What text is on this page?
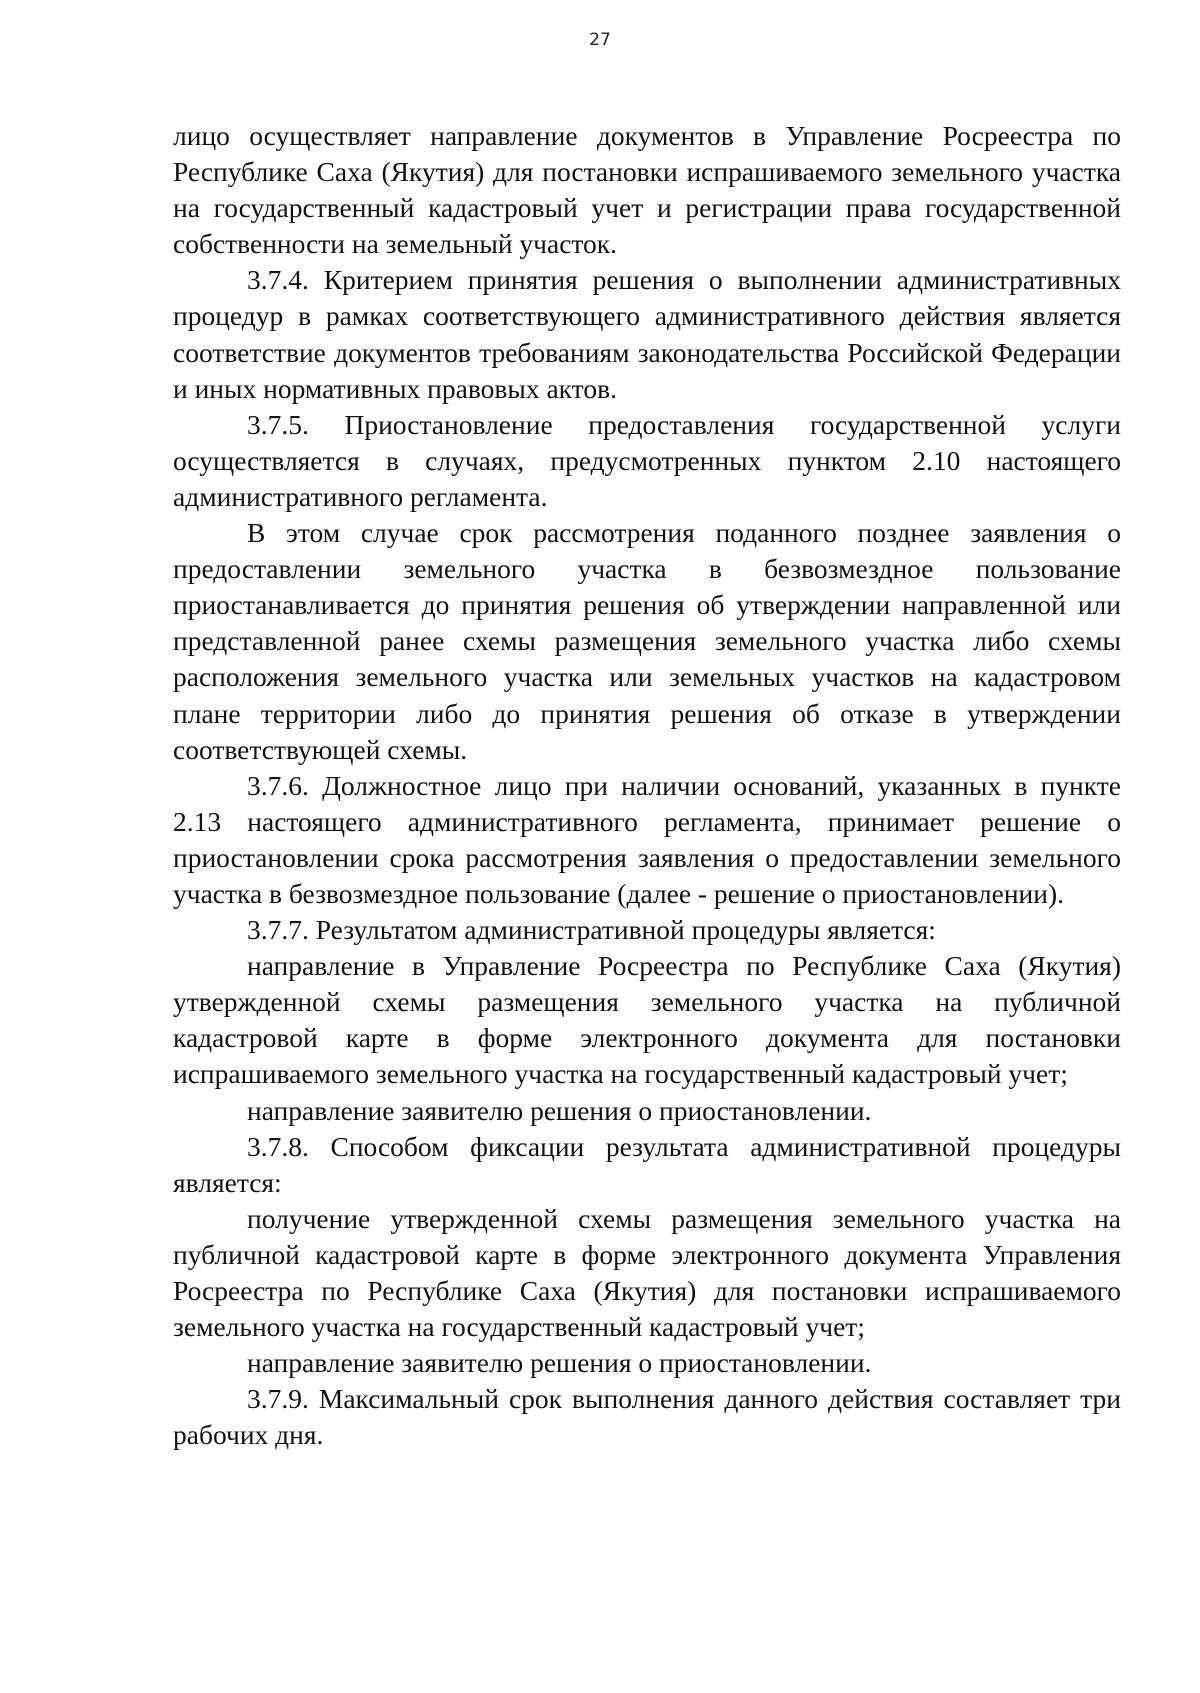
27

лицо осуществляет направление документов в Управление Росреестра по Республике Саха (Якутия) для постановки испрашиваемого земельного участка на государственный кадастровый учет и регистрации права государственной собственности на земельный участок.

3.7.4. Критерием принятия решения о выполнении административных процедур в рамках соответствующего административного действия является соответствие документов требованиям законодательства Российской Федерации и иных нормативных правовых актов.

3.7.5. Приостановление предоставления государственной услуги осуществляется в случаях, предусмотренных пунктом 2.10 настоящего административного регламента.

В этом случае срок рассмотрения поданного позднее заявления о предоставлении земельного участка в безвозмездное пользование приостанавливается до принятия решения об утверждении направленной или представленной ранее схемы размещения земельного участка либо схемы расположения земельного участка или земельных участков на кадастровом плане территории либо до принятия решения об отказе в утверждении соответствующей схемы.

3.7.6. Должностное лицо при наличии оснований, указанных в пункте 2.13 настоящего административного регламента, принимает решение о приостановлении срока рассмотрения заявления о предоставлении земельного участка в безвозмездное пользование (далее - решение о приостановлении).

3.7.7. Результатом административной процедуры является:

направление в Управление Росреестра по Республике Саха (Якутия) утвержденной схемы размещения земельного участка на публичной кадастровой карте в форме электронного документа для постановки испрашиваемого земельного участка на государственный кадастровый учет;

направление заявителю решения о приостановлении.

3.7.8. Способом фиксации результата административной процедуры является:

получение утвержденной схемы размещения земельного участка на публичной кадастровой карте в форме электронного документа Управления Росреестра по Республике Саха (Якутия) для постановки испрашиваемого земельного участка на государственный кадастровый учет;

направление заявителю решения о приостановлении.

3.7.9. Максимальный срок выполнения данного действия составляет три рабочих дня.
